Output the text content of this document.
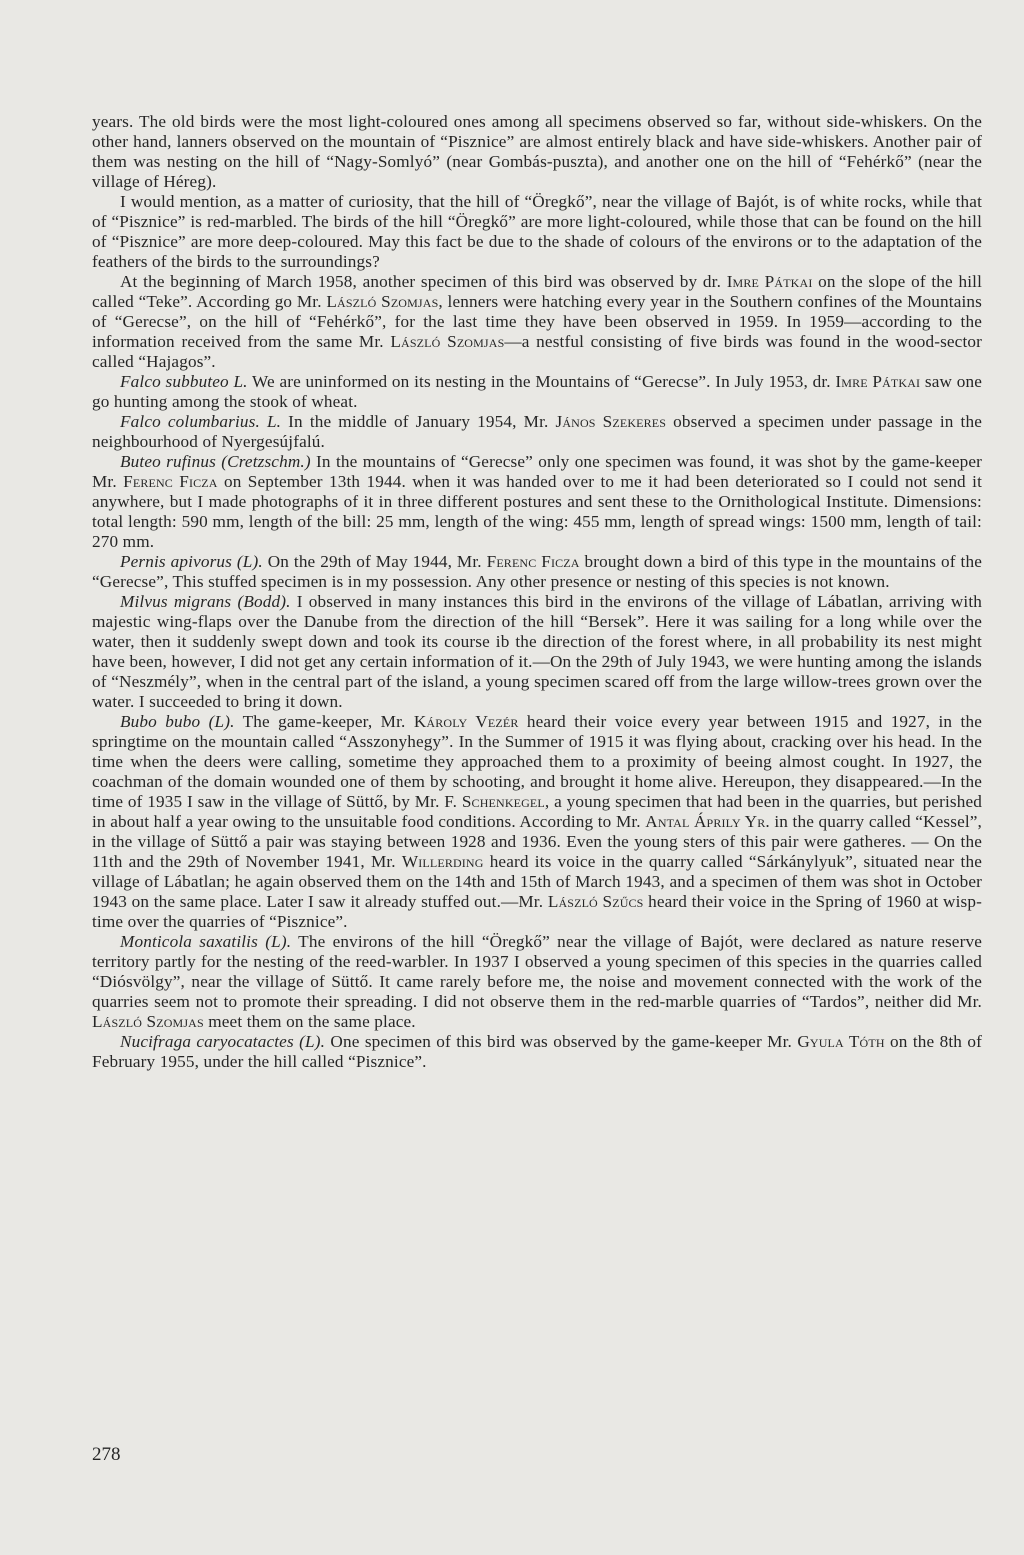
years. The old birds were the most light-coloured ones among all specimens observed so far, without side-whiskers. On the other hand, lanners observed on the mountain of “Pisznice” are almost entirely black and have side-whiskers. Another pair of them was nesting on the hill of “Nagy-Somlyó” (near Gombás-puszta), and another one on the hill of “Fehérkő” (near the village of Héreg).

I would mention, as a matter of curiosity, that the hill of “Öregkő”, near the village of Bajót, is of white rocks, while that of “Pisznice” is red-marbled. The birds of the hill “Öregkő” are more light-coloured, while those that can be found on the hill of “Pisznice” are more deep-coloured. May this fact be due to the shade of colours of the environs or to the adaptation of the feathers of the birds to the surroundings?

At the beginning of March 1958, another specimen of this bird was observed by dr. Imre Pátkai on the slope of the hill called “Teke”. According go Mr. László Szomjas, lenners were hatching every year in the Southern confines of the Mountains of “Gerecse”, on the hill of “Fehérkő”, for the last time they have been observed in 1959. In 1959—according to the information received from the same Mr. László Szomjas—a nestful consisting of five birds was found in the wood-sector called “Hajagos”.

Falco subbuteo L. We are uninformed on its nesting in the Mountains of “Gerecse”. In July 1953, dr. Imre Pátkai saw one go hunting among the stook of wheat.

Falco columbarius. L. In the middle of January 1954, Mr. János Szekeres observed a specimen under passage in the neighbourhood of Nyergesújfalú.

Buteo rufinus (Cretzschm.) In the mountains of “Gerecse” only one specimen was found, it was shot by the game-keeper Mr. Ferenc Ficza on September 13th 1944. when it was handed over to me it had been deteriorated so I could not send it anywhere, but I made photographs of it in three different postures and sent these to the Ornithological Institute. Dimensions: total length: 590 mm, length of the bill: 25 mm, length of the wing: 455 mm, length of spread wings: 1500 mm, length of tail: 270 mm.

Pernis apivorus (L). On the 29th of May 1944, Mr. Ferenc Ficza brought down a bird of this type in the mountains of the “Gerecse”, This stuffed specimen is in my possession. Any other presence or nesting of this species is not known.

Milvus migrans (Bodd). I observed in many instances this bird in the environs of the village of Lábatlan, arriving with majestic wing-flaps over the Danube from the direction of the hill “Bersek”. Here it was sailing for a long while over the water, then it suddenly swept down and took its course ib the direction of the forest where, in all probability its nest might have been, however, I did not get any certain information of it.—On the 29th of July 1943, we were hunting among the islands of “Neszmély”, when in the central part of the island, a young specimen scared off from the large willow-trees grown over the water. I succeeded to bring it down.

Bubo bubo (L). The game-keeper, Mr. Károly Vezér heard their voice every year between 1915 and 1927, in the springtime on the mountain called “Asszonyhegy”. In the Summer of 1915 it was flying about, cracking over his head. In the time when the deers were calling, sometime they approached them to a proximity of beeing almost cought. In 1927, the coachman of the domain wounded one of them by schooting, and brought it home alive. Hereupon, they disappeared.—In the time of 1935 I saw in the village of Süttő, by Mr. F. Schenkegel, a young specimen that had been in the quarries, but perished in about half a year owing to the unsuitable food conditions. According to Mr. Antal Áprily Yr. in the quarry called “Kessel”, in the village of Süttő a pair was staying between 1928 and 1936. Even the young sters of this pair were gatheres. — On the 11th and the 29th of November 1941, Mr. Willerding heard its voice in the quarry called “Sárkánylyuk”, situated near the village of Lábatlan; he again observed them on the 14th and 15th of March 1943, and a specimen of them was shot in October 1943 on the same place. Later I saw it already stuffed out.—Mr. László Szűcs heard their voice in the Spring of 1960 at wisp-time over the quarries of “Pisznice”.

Monticola saxatilis (L). The environs of the hill “Öregkő” near the village of Bajót, were declared as nature reserve territory partly for the nesting of the reed-warbler. In 1937 I observed a young specimen of this species in the quarries called “Diósvölgy”, near the village of Süttő. It came rarely before me, the noise and movement connected with the work of the quarries seem not to promote their spreading. I did not observe them in the red-marble quarries of “Tardos”, neither did Mr. László Szomjas meet them on the same place.

Nucifraga caryocatactes (L). One specimen of this bird was observed by the game-keeper Mr. Gyula Tóth on the 8th of February 1955, under the hill called “Pisznice”.

278
